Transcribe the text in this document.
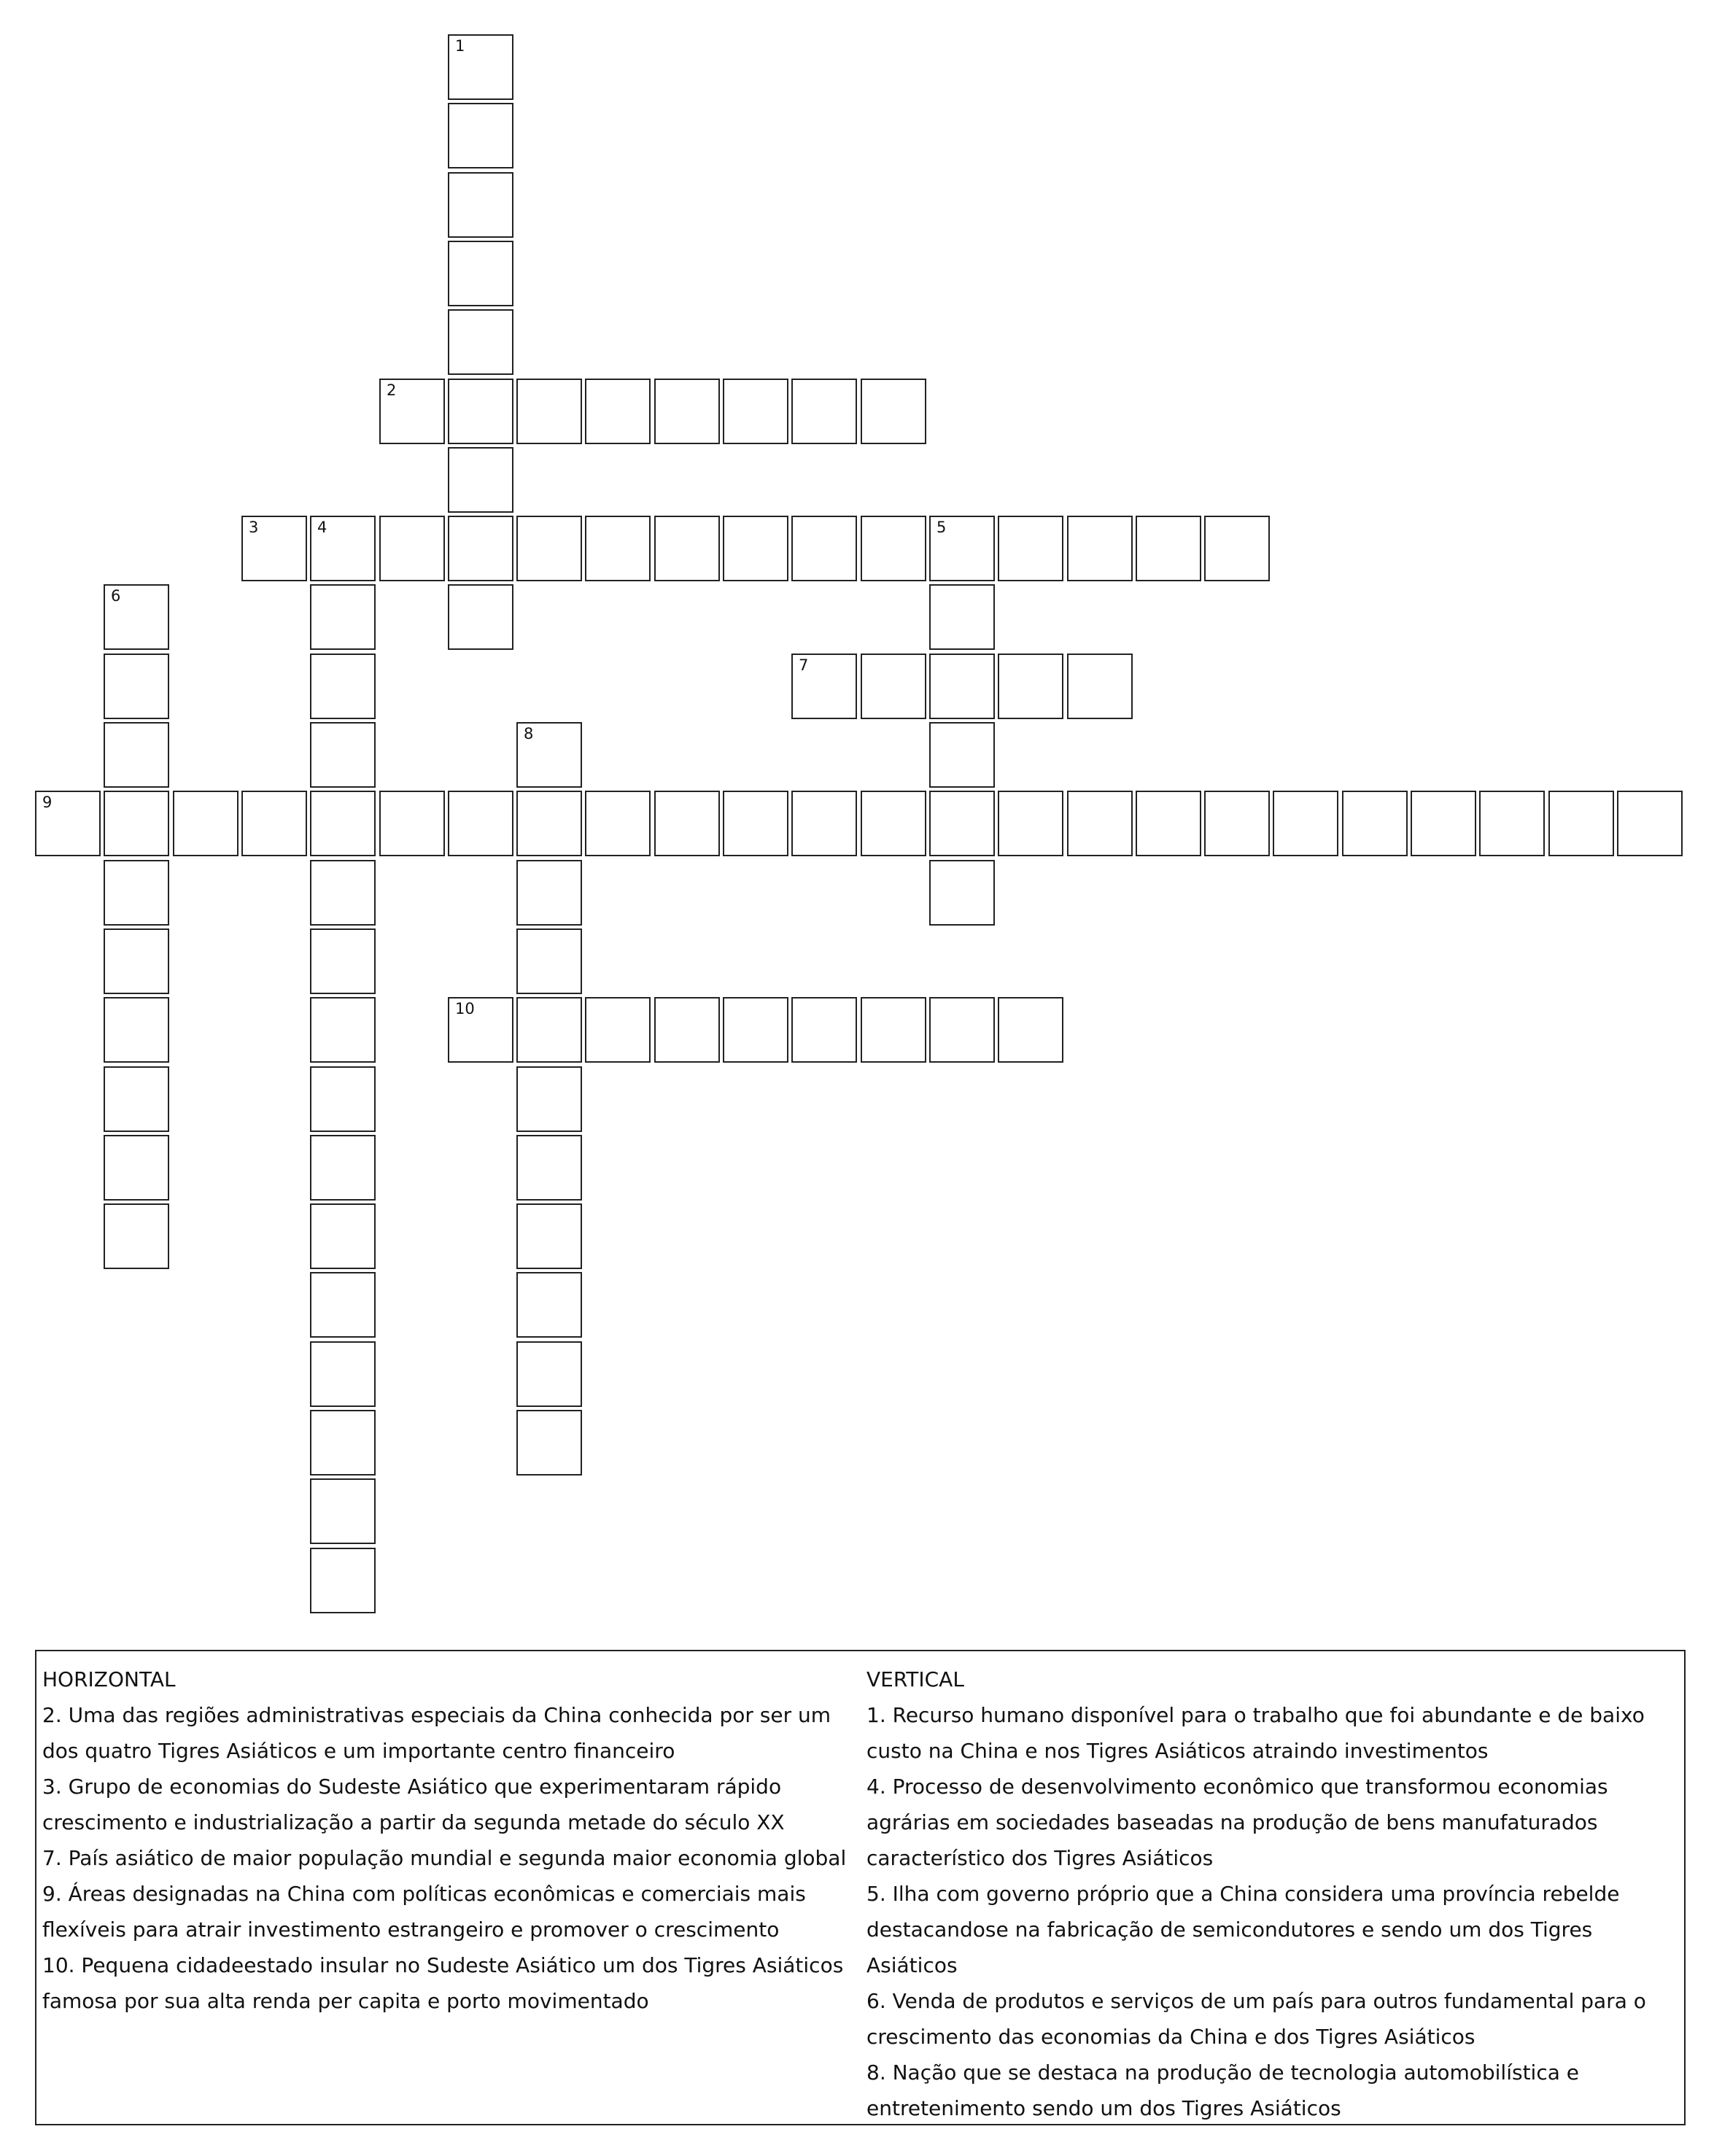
1
2
3	4	5
6
7
8
9
10
HORIZONTAL
2. Uma das regiões administrativas especiais da China conhecida por ser um dos quatro Tigres Asiáticos e um importante centro financeiro
3. Grupo de economias do Sudeste Asiático que experimentaram rápido crescimento e industrialização a partir da segunda metade do século XX
7. País asiático de maior população mundial e segunda maior economia global
9. Áreas designadas na China com políticas econômicas e comerciais mais flexíveis para atrair investimento estrangeiro e promover o crescimento
10. Pequena cidadeestado insular no Sudeste Asiático um dos Tigres Asiáticos famosa por sua alta renda per capita e porto movimentado
VERTICAL
1. Recurso humano disponível para o trabalho que foi abundante e de baixo custo na China e nos Tigres Asiáticos atraindo investimentos
4. Processo de desenvolvimento econômico que transformou economias agrárias em sociedades baseadas na produção de bens manufaturados característico dos Tigres Asiáticos
5. Ilha com governo próprio que a China considera uma província rebelde destacandose na fabricação de semicondutores e sendo um dos Tigres Asiáticos
6. Venda de produtos e serviços de um país para outros fundamental para o crescimento das economias da China e dos Tigres Asiáticos
8. Nação que se destaca na produção de tecnologia automobilística e entretenimento sendo um dos Tigres Asiáticos
